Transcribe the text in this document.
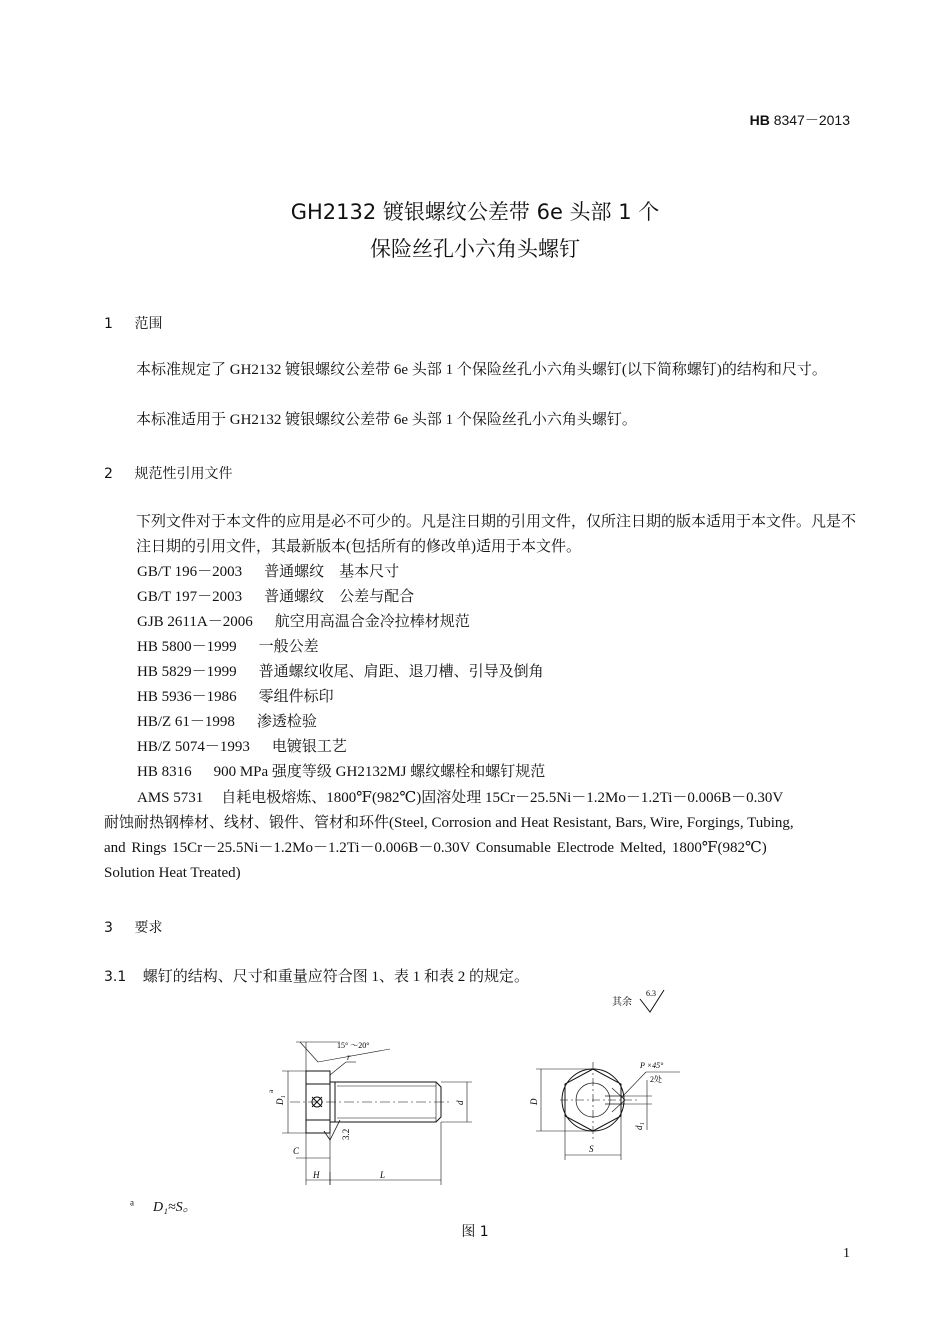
HB 8347－2013
GH2132 镀银螺纹公差带 6e 头部 1 个
保险丝孔小六角头螺钉
1 范围
本标准规定了 GH2132 镀银螺纹公差带 6e 头部 1 个保险丝孔小六角头螺钉(以下简称螺钉)的结构和尺寸。
本标准适用于 GH2132 镀银螺纹公差带 6e 头部 1 个保险丝孔小六角头螺钉。
2 规范性引用文件
下列文件对于本文件的应用是必不可少的。凡是注日期的引用文件，仅所注日期的版本适用于本文件。凡是不注日期的引用文件，其最新版本(包括所有的修改单)适用于本文件。
GB/T 196－2003 普通螺纹　基本尺寸
GB/T 197－2003 普通螺纹　公差与配合
GJB 2611A－2006 航空用高温合金冷拉棒材规范
HB 5800－1999 一般公差
HB 5829－1999 普通螺纹收尾、肩距、退刀槽、引导及倒角
HB 5936－1986 零组件标印
HB/Z 61－1998 渗透检验
HB/Z 5074－1993 电镀银工艺
HB 8316 900 MPa 强度等级 GH2132MJ 螺纹螺栓和螺钉规范
AMS 5731 自耗电极熔炼、1800℉(982℃)固溶处理 15Cr－25.5Ni－1.2Mo－1.2Ti－0.006B－0.30V
耐蚀耐热钢棒材、线材、锻件、管材和环件(Steel, Corrosion and Heat Resistant, Bars, Wire, Forgings, Tubing,
and Rings 15Cr－25.5Ni－1.2Mo－1.2Ti－0.006B－0.30V Consumable Electrode Melted, 1800℉(982℃)
Solution Heat Treated)
3 要求
3.1 螺钉的结构、尺寸和重量应符合图 1、表 1 和表 2 的规定。
其余
6.3
15° ～20°
r
D₁
a
d
3.2
C
H	L
P ×45°
2处
D
d₁
S
$^a$ D₁≈S。
图 1
1
